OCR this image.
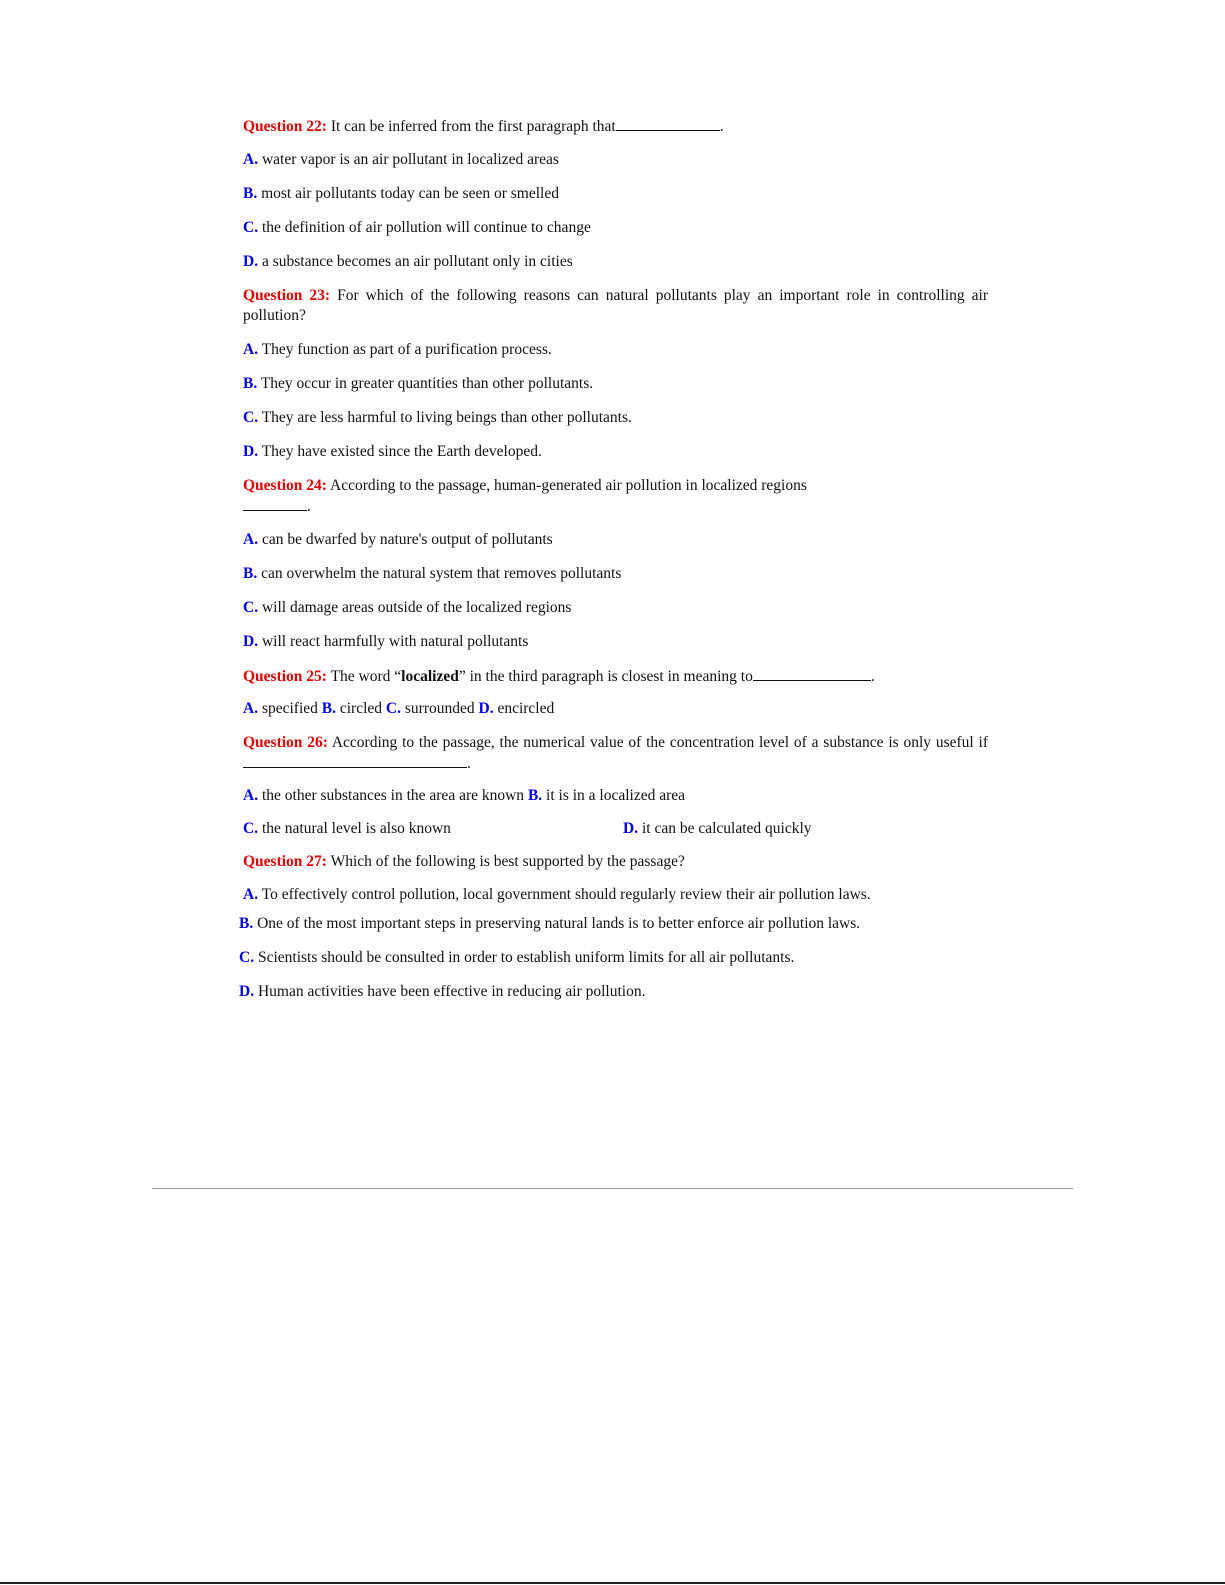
Question 22: It can be inferred from the first paragraph that	.
A. water vapor is an air pollutant in localized areas
B. most air pollutants today can be seen or smelled
C. the definition of air pollution will continue to change
D. a substance becomes an air pollutant only in cities
Question 23: For which of the following reasons can natural pollutants play an important role in controlling air pollution?
A. They function as part of a purification process.
B. They occur in greater quantities than other pollutants.
C. They are less harmful to living beings than other pollutants.
D. They have existed since the Earth developed.
Question 24: According to the passage, human-generated air pollution in localized regions
.
A. can be dwarfed by nature's output of pollutants
B. can overwhelm the natural system that removes pollutants
C. will damage areas outside of the localized regions
D. will react harmfully with natural pollutants
Question 25: The word “localized” in the third paragraph is closest in meaning to	.
A. specified B. circled C. surrounded D. encircled
Question 26: According to the passage, the numerical value of the concentration level of a substance is only useful if.
A. the other substances in the area are known B. it is in a localized area
C. the natural level is also known	D. it can be calculated quickly
Question 27: Which of the following is best supported by the passage?
A. To effectively control pollution, local government should regularly review their air pollution laws.
B. One of the most important steps in preserving natural lands is to better enforce air pollution laws.
C. Scientists should be consulted in order to establish uniform limits for all air pollutants.
D. Human activities have been effective in reducing air pollution.
